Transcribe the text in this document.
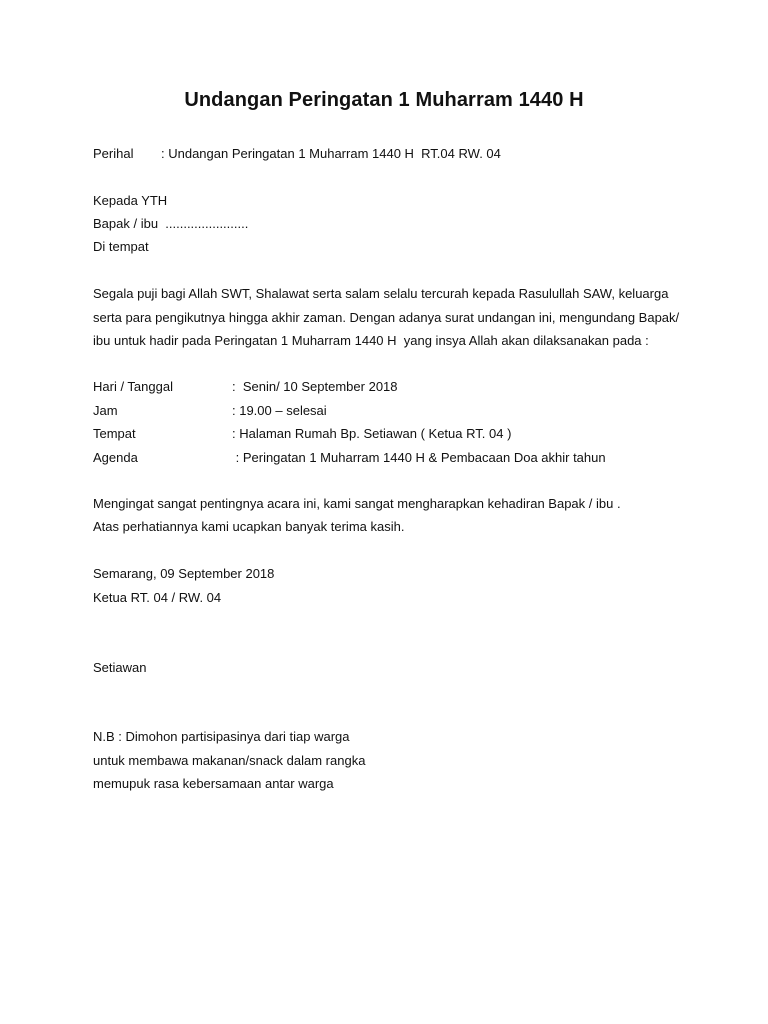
Undangan Peringatan 1 Muharram 1440 H
Perihal : Undangan Peringatan 1 Muharram 1440 H  RT.04 RW. 04
Kepada YTH
Bapak / ibu  .......................
Di tempat
Segala puji bagi Allah SWT, Shalawat serta salam selalu tercurah kepada Rasulullah SAW, keluarga
serta para pengikutnya hingga akhir zaman. Dengan adanya surat undangan ini, mengundang Bapak/
ibu untuk hadir pada Peringatan 1 Muharram 1440 H  yang insya Allah akan dilaksanakan pada :
Hari / Tanggal	:  Senin/ 10 September 2018
Jam	: 19.00 – selesai
Tempat	: Halaman Rumah Bp. Setiawan ( Ketua RT. 04 )
Agenda	: Peringatan 1 Muharram 1440 H & Pembacaan Doa akhir tahun
Mengingat sangat pentingnya acara ini, kami sangat mengharapkan kehadiran Bapak / ibu .
Atas perhatiannya kami ucapkan banyak terima kasih.
Semarang, 09 September 2018
Ketua RT. 04 / RW. 04
Setiawan
N.B : Dimohon partisipasinya dari tiap warga
untuk membawa makanan/snack dalam rangka
memupuk rasa kebersamaan antar warga
